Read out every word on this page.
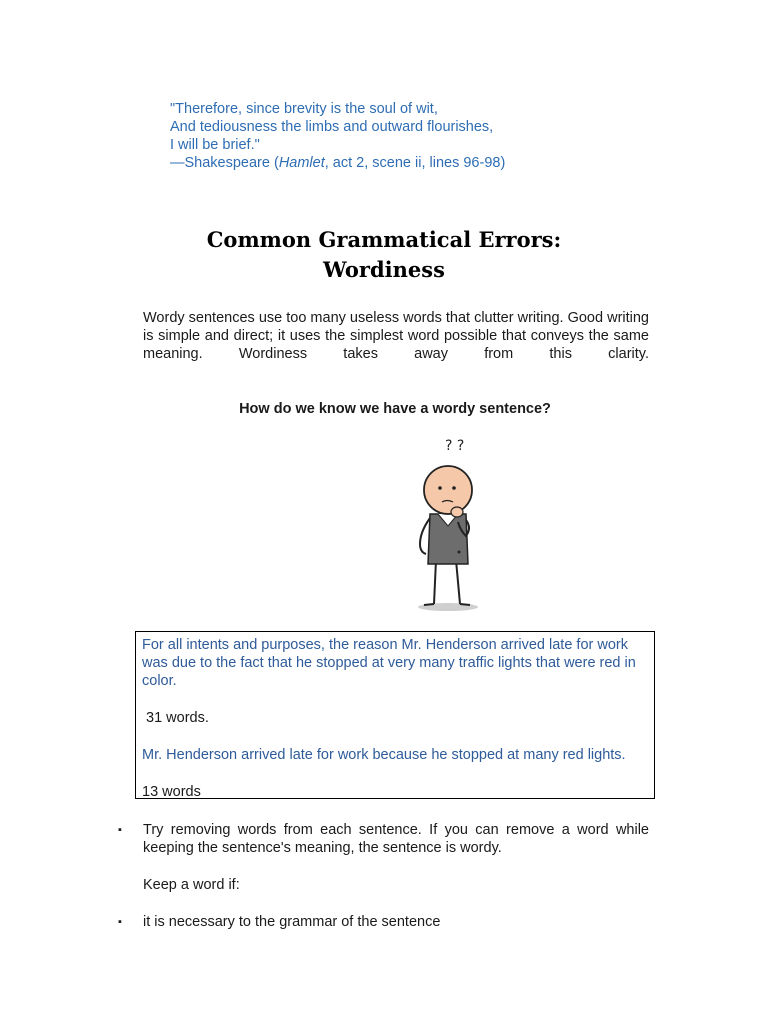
"Therefore, since brevity is the soul of wit,
And tediousness the limbs and outward flourishes,
I will be brief."
—Shakespeare (Hamlet, act 2, scene ii, lines 96-98)
Common Grammatical Errors:
Wordiness
Wordy sentences use too many useless words that clutter writing. Good writing is simple and direct; it uses the simplest word possible that conveys the same meaning. Wordiness takes away from this clarity.
How do we know we have a wordy sentence?
? ?

For all intents and purposes, the reason Mr. Henderson arrived late for work was due to the fact that he stopped at very many traffic lights that were red in color.

31 words.

Mr. Henderson arrived late for work because he stopped at many red lights.

13 words

▪ Try removing words from each sentence. If you can remove a word while keeping the sentence's meaning, the sentence is wordy.
Keep a word if:
▪ it is necessary to the grammar of the sentence
